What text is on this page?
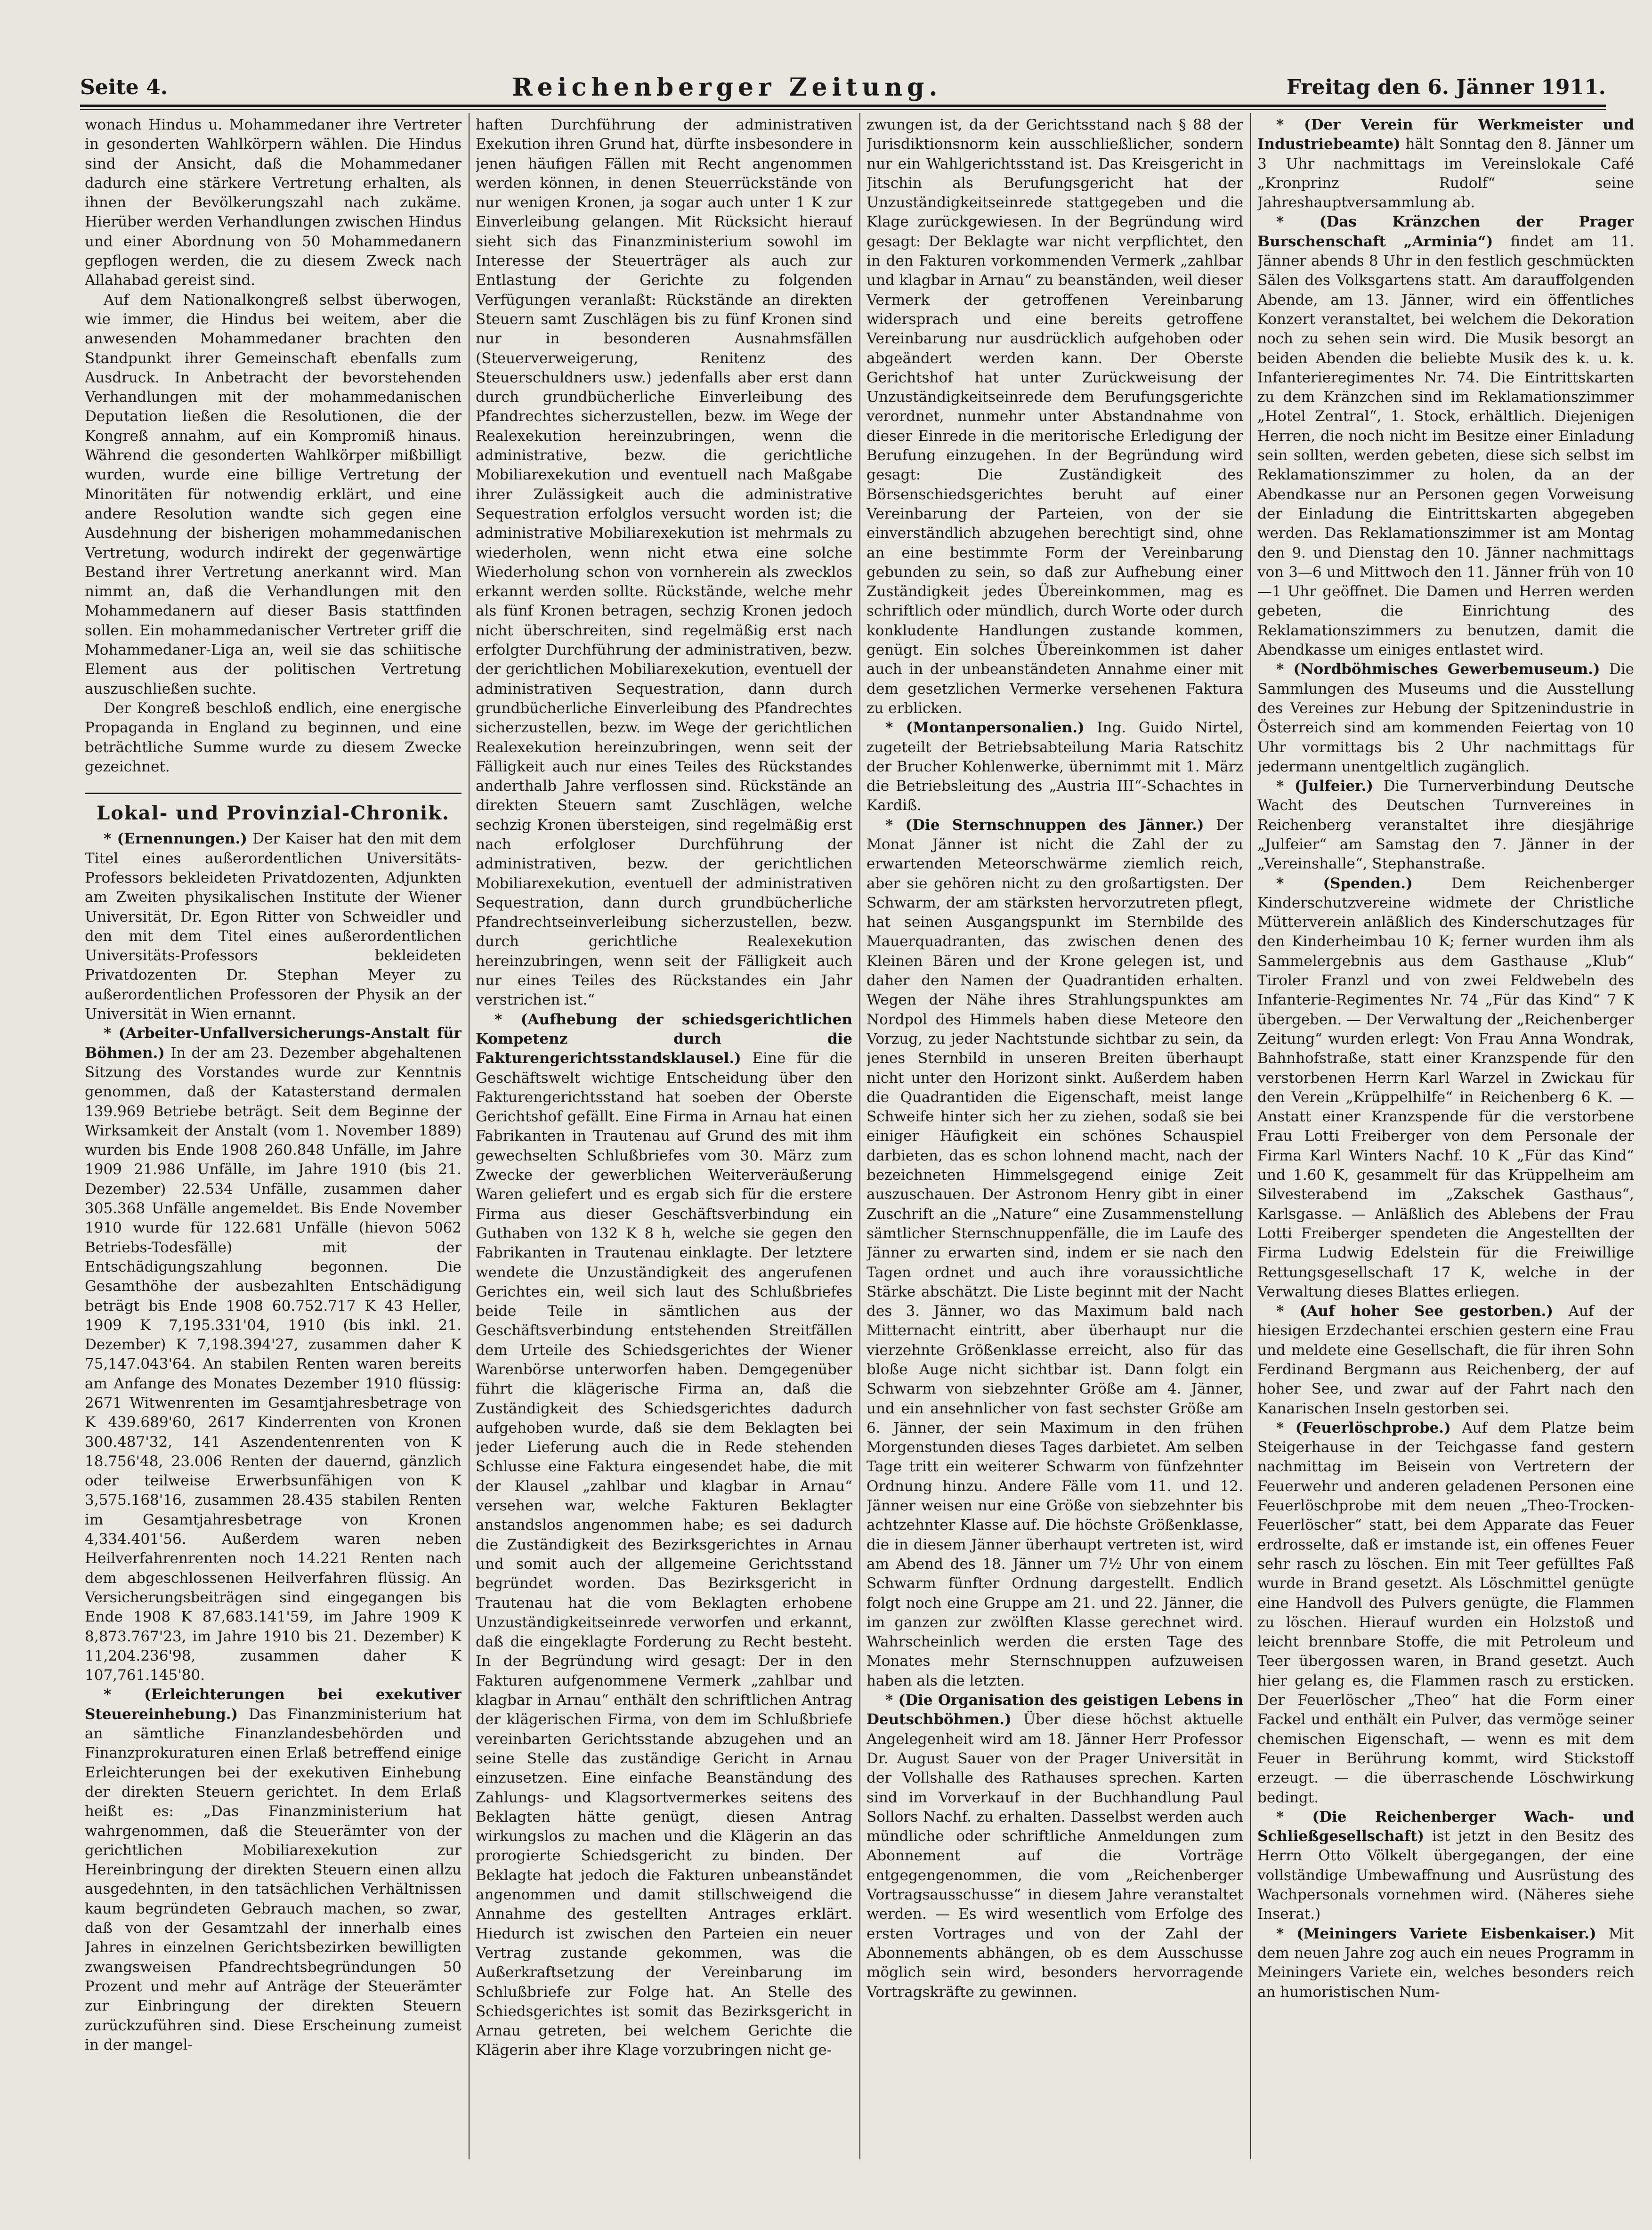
Seite 4.	Reichenberger Zeitung.	Freitag den 6. Jänner 1911.

wonach Hindus u. Mohammedaner ihre Vertreter in gesonderten Wahlkörpern wählen. Die Hindus sind der Ansicht, daß die Mohammedaner dadurch eine stärkere Vertretung erhalten, als ihnen der Bevölkerungszahl nach zukäme. Hierüber werden Verhandlungen zwischen Hindus und einer Abordnung von 50 Mohammedanern gepflogen werden, die zu diesem Zweck nach Allahabad gereist sind.

Auf dem Nationalkongreß selbst überwogen, wie immer, die Hindus bei weitem, aber die anwesenden Mohammedaner brachten den Standpunkt ihrer Gemeinschaft ebenfalls zum Ausdruck. In Anbetracht der bevorstehenden Verhandlungen mit der mohammedanischen Deputation ließen die Resolutionen, die der Kongreß annahm, auf ein Kompromiß hinaus. Während die gesonderten Wahlkörper mißbilligt wurden, wurde eine billige Vertretung der Minoritäten für notwendig erklärt, und eine andere Resolution wandte sich gegen eine Ausdehnung der bisherigen mohammedanischen Vertretung, wodurch indirekt der gegenwärtige Bestand ihrer Vertretung anerkannt wird. Man nimmt an, daß die Verhandlungen mit den Mohammedanern auf dieser Basis stattfinden sollen. Ein mohammedanischer Vertreter griff die Mohammedaner-Liga an, weil sie das schiitische Element aus der politischen Vertretung auszuschließen suchte.

Der Kongreß beschloß endlich, eine energische Propaganda in England zu beginnen, und eine beträchtliche Summe wurde zu diesem Zwecke gezeichnet.

Lokal- und Provinzial-Chronik.

* (Ernennungen.) Der Kaiser hat den mit dem Titel eines außerordentlichen Universitäts-Professors bekleideten Privatdozenten, Adjunkten am Zweiten physikalischen Institute der Wiener Universität, Dr. Egon Ritter von Schweidler und den mit dem Titel eines außerordentlichen Universitäts-Professors bekleideten Privatdozenten Dr. Stephan Meyer zu außerordentlichen Professoren der Physik an der Universität in Wien ernannt.

* (Arbeiter-Unfallversicherungs-Anstalt für Böhmen.) In der am 23. Dezember abgehaltenen Sitzung des Vorstandes wurde zur Kenntnis genommen, daß der Katasterstand dermalen 139.969 Betriebe beträgt. Seit dem Beginne der Wirksamkeit der Anstalt (vom 1. November 1889) wurden bis Ende 1908 260.848 Unfälle, im Jahre 1909 21.986 Unfälle, im Jahre 1910 (bis 21. Dezember) 22.534 Unfälle, zusammen daher 305.368 Unfälle angemeldet. Bis Ende November 1910 wurde für 122.681 Unfälle (hievon 5062 Betriebs-Todesfälle) mit der Entschädigungszahlung begonnen. Die Gesamthöhe der ausbezahlten Entschädigung beträgt bis Ende 1908 60.752.717 K 43 Heller, 1909 K 7,195.331'04, 1910 (bis inkl. 21. Dezember) K 7,198.394'27, zusammen daher K 75,147.043'64. An stabilen Renten waren bereits am Anfange des Monates Dezember 1910 flüssig: 2671 Witwenrenten im Gesamtjahresbetrage von K 439.689'60, 2617 Kinderrenten von Kronen 300.487'32, 141 Aszendentenrenten von K 18.756'48, 23.006 Renten der dauernd, gänzlich oder teilweise Erwerbsunfähigen von K 3,575.168'16, zusammen 28.435 stabilen Renten im Gesamtjahresbetrage von Kronen 4,334.401'56. Außerdem waren neben Heilverfahrenrenten noch 14.221 Renten nach dem abgeschlossenen Heilverfahren flüssig. An Versicherungsbeiträgen sind eingegangen bis Ende 1908 K 87,683.141'59, im Jahre 1909 K 8,873.767'23, im Jahre 1910 bis 21. Dezember) K 11,204.236'98, zusammen daher K 107,761.145'80.

* (Erleichterungen bei exekutiver Steuereinhebung.) Das Finanzministerium hat an sämtliche Finanzlandesbehörden und Finanzprokuraturen einen Erlaß betreffend einige Erleichterungen bei der exekutiven Einhebung der direkten Steuern gerichtet. In dem Erlaß heißt es: „Das Finanzministerium hat wahrgenommen, daß die Steuerämter von der gerichtlichen Mobiliarexekution zur Hereinbringung der direkten Steuern einen allzu ausgedehnten, in den tatsächlichen Verhältnissen kaum begründeten Gebrauch machen, so zwar, daß von der Gesamtzahl der innerhalb eines Jahres in einzelnen Gerichtsbezirken bewilligten zwangsweisen Pfandrechtsbegründungen 50 Prozent und mehr auf Anträge der Steuerämter zur Einbringung der direkten Steuern zurückzuführen sind. Diese Erscheinung zumeist in der mangel-

haften Durchführung der administrativen Exekution ihren Grund hat, dürfte insbesondere in jenen häufigen Fällen mit Recht angenommen werden können, in denen Steuerrückstände von nur wenigen Kronen, ja sogar auch unter 1 K zur Einverleibung gelangen. Mit Rücksicht hierauf sieht sich das Finanzministerium sowohl im Interesse der Steuerträger als auch zur Entlastung der Gerichte zu folgenden Verfügungen veranlaßt: Rückstände an direkten Steuern samt Zuschlägen bis zu fünf Kronen sind nur in besonderen Ausnahmsfällen (Steuerverweigerung, Renitenz des Steuerschuldners usw.) jedenfalls aber erst dann durch grundbücherliche Einverleibung des Pfandrechtes sicherzustellen, bezw. im Wege der Realexekution hereinzubringen, wenn die administrative, bezw. die gerichtliche Mobiliarexekution und eventuell nach Maßgabe ihrer Zulässigkeit auch die administrative Sequestration erfolglos versucht worden ist; die administrative Mobiliarexekution ist mehrmals zu wiederholen, wenn nicht etwa eine solche Wiederholung schon von vornherein als zwecklos erkannt werden sollte. Rückstände, welche mehr als fünf Kronen betragen, sechzig Kronen jedoch nicht überschreiten, sind regelmäßig erst nach erfolgter Durchführung der administrativen, bezw. der gerichtlichen Mobiliarexekution, eventuell der administrativen Sequestration, dann durch grundbücherliche Einverleibung des Pfandrechtes sicherzustellen, bezw. im Wege der gerichtlichen Realexekution hereinzubringen, wenn seit der Fälligkeit auch nur eines Teiles des Rückstandes anderthalb Jahre verflossen sind. Rückstände an direkten Steuern samt Zuschlägen, welche sechzig Kronen übersteigen, sind regelmäßig erst nach erfolgloser Durchführung der administrativen, bezw. der gerichtlichen Mobiliarexekution, eventuell der administrativen Sequestration, dann durch grundbücherliche Pfandrechtseinverleibung sicherzustellen, bezw. durch gerichtliche Realexekution hereinzubringen, wenn seit der Fälligkeit auch nur eines Teiles des Rückstandes ein Jahr verstrichen ist.“

* (Aufhebung der schiedsgerichtlichen Kompetenz durch die Fakturengerichtsstandsklausel.) Eine für die Geschäftswelt wichtige Entscheidung über den Fakturengerichtsstand hat soeben der Oberste Gerichtshof gefällt. Eine Firma in Arnau hat einen Fabrikanten in Trautenau auf Grund des mit ihm gewechselten Schlußbriefes vom 30. März zum Zwecke der gewerblichen Weiterveräußerung Waren geliefert und es ergab sich für die erstere Firma aus dieser Geschäftsverbindung ein Guthaben von 132 K 8 h, welche sie gegen den Fabrikanten in Trautenau einklagte. Der letztere wendete die Unzuständigkeit des angerufenen Gerichtes ein, weil sich laut des Schlußbriefes beide Teile in sämtlichen aus der Geschäftsverbindung entstehenden Streitfällen dem Urteile des Schiedsgerichtes der Wiener Warenbörse unterworfen haben. Demgegenüber führt die klägerische Firma an, daß die Zuständigkeit des Schiedsgerichtes dadurch aufgehoben wurde, daß sie dem Beklagten bei jeder Lieferung auch die in Rede stehenden Schlusse eine Faktura eingesendet habe, die mit der Klausel „zahlbar und klagbar in Arnau“ versehen war, welche Fakturen Beklagter anstandslos angenommen habe; es sei dadurch die Zuständigkeit des Bezirksgerichtes in Arnau und somit auch der allgemeine Gerichtsstand begründet worden. Das Bezirksgericht in Trautenau hat die vom Beklagten erhobene Unzuständigkeitseinrede verworfen und erkannt, daß die eingeklagte Forderung zu Recht besteht. In der Begründung wird gesagt: Der in den Fakturen aufgenommene Vermerk „zahlbar und klagbar in Arnau“ enthält den schriftlichen Antrag der klägerischen Firma, von dem im Schlußbriefe vereinbarten Gerichtsstande abzugehen und an seine Stelle das zuständige Gericht in Arnau einzusetzen. Eine einfache Beanständung des Zahlungs- und Klagsortvermerkes seitens des Beklagten hätte genügt, diesen Antrag wirkungslos zu machen und die Klägerin an das prorogierte Schiedsgericht zu binden. Der Beklagte hat jedoch die Fakturen unbeanständet angenommen und damit stillschweigend die Annahme des gestellten Antrages erklärt. Hiedurch ist zwischen den Parteien ein neuer Vertrag zustande gekommen, was die Außerkraftsetzung der Vereinbarung im Schlußbriefe zur Folge hat. An Stelle des Schiedsgerichtes ist somit das Bezirksgericht in Arnau getreten, bei welchem Gerichte die Klägerin aber ihre Klage vorzubringen nicht ge-

zwungen ist, da der Gerichtsstand nach § 88 der Jurisdiktionsnorm kein ausschließlicher, sondern nur ein Wahlgerichtsstand ist. Das Kreisgericht in Jitschin als Berufungsgericht hat der Unzuständigkeitseinrede stattgegeben und die Klage zurückgewiesen. In der Begründung wird gesagt: Der Beklagte war nicht verpflichtet, den in den Fakturen vorkommenden Vermerk „zahlbar und klagbar in Arnau“ zu beanständen, weil dieser Vermerk der getroffenen Vereinbarung widersprach und eine bereits getroffene Vereinbarung nur ausdrücklich aufgehoben oder abgeändert werden kann. Der Oberste Gerichtshof hat unter Zurückweisung der Unzuständigkeitseinrede dem Berufungsgerichte verordnet, nunmehr unter Abstandnahme von dieser Einrede in die meritorische Erledigung der Berufung einzugehen. In der Begründung wird gesagt: Die Zuständigkeit des Börsenschiedsgerichtes beruht auf einer Vereinbarung der Parteien, von der sie einverständlich abzugehen berechtigt sind, ohne an eine bestimmte Form der Vereinbarung gebunden zu sein, so daß zur Aufhebung einer Zuständigkeit jedes Übereinkommen, mag es schriftlich oder mündlich, durch Worte oder durch konkludente Handlungen zustande kommen, genügt. Ein solches Übereinkommen ist daher auch in der unbeanständeten Annahme einer mit dem gesetzlichen Vermerke versehenen Faktura zu erblicken.

* (Montanpersonalien.) Ing. Guido Nirtel, zugeteilt der Betriebsabteilung Maria Ratschitz der Brucher Kohlenwerke, übernimmt mit 1. März die Betriebsleitung des „Austria III“-Schachtes in Kardiß.

* (Die Sternschnuppen des Jänner.) Der Monat Jänner ist nicht die Zahl der zu erwartenden Meteorschwärme ziemlich reich, aber sie gehören nicht zu den großartigsten. Der Schwarm, der am stärksten hervorzutreten pflegt, hat seinen Ausgangspunkt im Sternbilde des Mauerquadranten, das zwischen denen des Kleinen Bären und der Krone gelegen ist, und daher den Namen der Quadrantiden erhalten. Wegen der Nähe ihres Strahlungspunktes am Nordpol des Himmels haben diese Meteore den Vorzug, zu jeder Nachtstunde sichtbar zu sein, da jenes Sternbild in unseren Breiten überhaupt nicht unter den Horizont sinkt. Außerdem haben die Quadrantiden die Eigenschaft, meist lange Schweife hinter sich her zu ziehen, sodaß sie bei einiger Häufigkeit ein schönes Schauspiel darbieten, das es schon lohnend macht, nach der bezeichneten Himmelsgegend einige Zeit auszuschauen. Der Astronom Henry gibt in einer Zuschrift an die „Nature“ eine Zusammenstellung sämtlicher Sternschnuppenfälle, die im Laufe des Jänner zu erwarten sind, indem er sie nach den Tagen ordnet und auch ihre voraussichtliche Stärke abschätzt. Die Liste beginnt mit der Nacht des 3. Jänner, wo das Maximum bald nach Mitternacht eintritt, aber überhaupt nur die vierzehnte Größenklasse erreicht, also für das bloße Auge nicht sichtbar ist. Dann folgt ein Schwarm von siebzehnter Größe am 4. Jänner, und ein ansehnlicher von fast sechster Größe am 6. Jänner, der sein Maximum in den frühen Morgenstunden dieses Tages darbietet. Am selben Tage tritt ein weiterer Schwarm von fünfzehnter Ordnung hinzu. Andere Fälle vom 11. und 12. Jänner weisen nur eine Größe von siebzehnter bis achtzehnter Klasse auf. Die höchste Größenklasse, die in diesem Jänner überhaupt vertreten ist, wird am Abend des 18. Jänner um 7½ Uhr von einem Schwarm fünfter Ordnung dargestellt. Endlich folgt noch eine Gruppe am 21. und 22. Jänner, die im ganzen zur zwölften Klasse gerechnet wird. Wahrscheinlich werden die ersten Tage des Monates mehr Sternschnuppen aufzuweisen haben als die letzten.

* (Die Organisation des geistigen Lebens in Deutschböhmen.) Über diese höchst aktuelle Angelegenheit wird am 18. Jänner Herr Professor Dr. August Sauer von der Prager Universität in der Vollshalle des Rathauses sprechen. Karten sind im Vorverkauf in der Buchhandlung Paul Sollors Nachf. zu erhalten. Dasselbst werden auch mündliche oder schriftliche Anmeldungen zum Abonnement auf die Vorträge entgegengenommen, die vom „Reichenberger Vortragsausschusse“ in diesem Jahre veranstaltet werden. — Es wird wesentlich vom Erfolge des ersten Vortrages und von der Zahl der Abonnements abhängen, ob es dem Ausschusse möglich sein wird, besonders hervorragende Vortragskräfte zu gewinnen.

* (Der Verein für Werkmeister und Industriebeamte) hält Sonntag den 8. Jänner um 3 Uhr nachmittags im Vereinslokale Café „Kronprinz Rudolf“ seine Jahreshauptversammlung ab.

* (Das Kränzchen der Prager Burschenschaft „Arminia“) findet am 11. Jänner abends 8 Uhr in den festlich geschmückten Sälen des Volksgartens statt. Am darauffolgenden Abende, am 13. Jänner, wird ein öffentliches Konzert veranstaltet, bei welchem die Dekoration noch zu sehen sein wird. Die Musik besorgt an beiden Abenden die beliebte Musik des k. u. k. Infanterieregimentes Nr. 74. Die Eintrittskarten zu dem Kränzchen sind im Reklamationszimmer „Hotel Zentral“, 1. Stock, erhältlich. Diejenigen Herren, die noch nicht im Besitze einer Einladung sein sollten, werden gebeten, diese sich selbst im Reklamationszimmer zu holen, da an der Abendkasse nur an Personen gegen Vorweisung der Einladung die Eintrittskarten abgegeben werden. Das Reklamationszimmer ist am Montag den 9. und Dienstag den 10. Jänner nachmittags von 3—6 und Mittwoch den 11. Jänner früh von 10—1 Uhr geöffnet. Die Damen und Herren werden gebeten, die Einrichtung des Reklamationszimmers zu benutzen, damit die Abendkasse um einiges entlastet wird.

* (Nordböhmisches Gewerbemuseum.) Die Sammlungen des Museums und die Ausstellung des Vereines zur Hebung der Spitzenindustrie in Österreich sind am kommenden Feiertag von 10 Uhr vormittags bis 2 Uhr nachmittags für jedermann unentgeltlich zugänglich.

* (Julfeier.) Die Turnerverbindung Deutsche Wacht des Deutschen Turnvereines in Reichenberg veranstaltet ihre diesjährige „Julfeier“ am Samstag den 7. Jänner in der „Vereinshalle“, Stephanstraße.

* (Spenden.)	Dem Reichenberger Kinderschutzvereine widmete der Christliche Mütterverein anläßlich des Kinderschutzages für den Kinderheimbau 10 K; ferner wurden ihm als Sammelergebnis aus dem Gasthause „Klub“ Tiroler Franzl und von zwei Feldwebeln des Infanterie-Regimentes Nr. 74 „Für das Kind“ 7 K übergeben. — Der Verwaltung der „Reichenberger Zeitung“ wurden erlegt: Von Frau Anna Wondrak, Bahnhofstraße, statt einer Kranzspende für den verstorbenen Herrn Karl Warzel in Zwickau für den Verein „Krüppelhilfe“ in Reichenberg 6 K. — Anstatt einer Kranzspende für die verstorbene Frau Lotti Freiberger von dem Personale der Firma Karl Winters Nachf. 10 K „Für das Kind“ und 1.60 K, gesammelt für das Krüppelheim am Silvesterabend im „Zakschek Gasthaus“, Karlsgasse. — Anläßlich des Ablebens der Frau Lotti Freiberger spendeten die Angestellten der Firma Ludwig Edelstein für die Freiwillige Rettungsgesellschaft 17 K, welche in der Verwaltung dieses Blattes erliegen.

* (Auf hoher See gestorben.) Auf der hiesigen Erzdechantei erschien gestern eine Frau und meldete eine Gesellschaft, die für ihren Sohn Ferdinand Bergmann aus Reichenberg, der auf hoher See, und zwar auf der Fahrt nach den Kanarischen Inseln gestorben sei.

* (Feuerlöschprobe.) Auf dem Platze beim Steigerhause in der Teichgasse fand gestern nachmittag im Beisein von Vertretern der Feuerwehr und anderen geladenen Personen eine Feuerlöschprobe mit dem neuen „Theo-Trocken-Feuerlöscher“ statt, bei dem Apparate das Feuer erdrosselte, daß er imstande ist, ein offenes Feuer sehr rasch zu löschen. Ein mit Teer gefülltes Faß wurde in Brand gesetzt. Als Löschmittel genügte eine Handvoll des Pulvers genügte, die Flammen zu löschen. Hierauf wurden ein Holzstoß und leicht brennbare Stoffe, die mit Petroleum und Teer übergossen waren, in Brand gesetzt. Auch hier gelang es, die Flammen rasch zu ersticken. Der Feuerlöscher „Theo“ hat die Form einer Fackel und enthält ein Pulver, das vermöge seiner chemischen Eigenschaft, — wenn es mit dem Feuer in Berührung kommt, wird Stickstoff erzeugt. — die überraschende Löschwirkung bedingt.

* (Die Reichenberger Wach- und Schließgesellschaft) ist jetzt in den Besitz des Herrn Otto Völkelt übergegangen, der eine vollständige Umbewaffnung und Ausrüstung des Wachpersonals vornehmen wird. (Näheres siehe Inserat.)

* (Meiningers Variete Eisbenkaiser.) Mit dem neuen Jahre zog auch ein neues Programm in Meiningers Variete ein, welches besonders reich an humoristischen Num-
